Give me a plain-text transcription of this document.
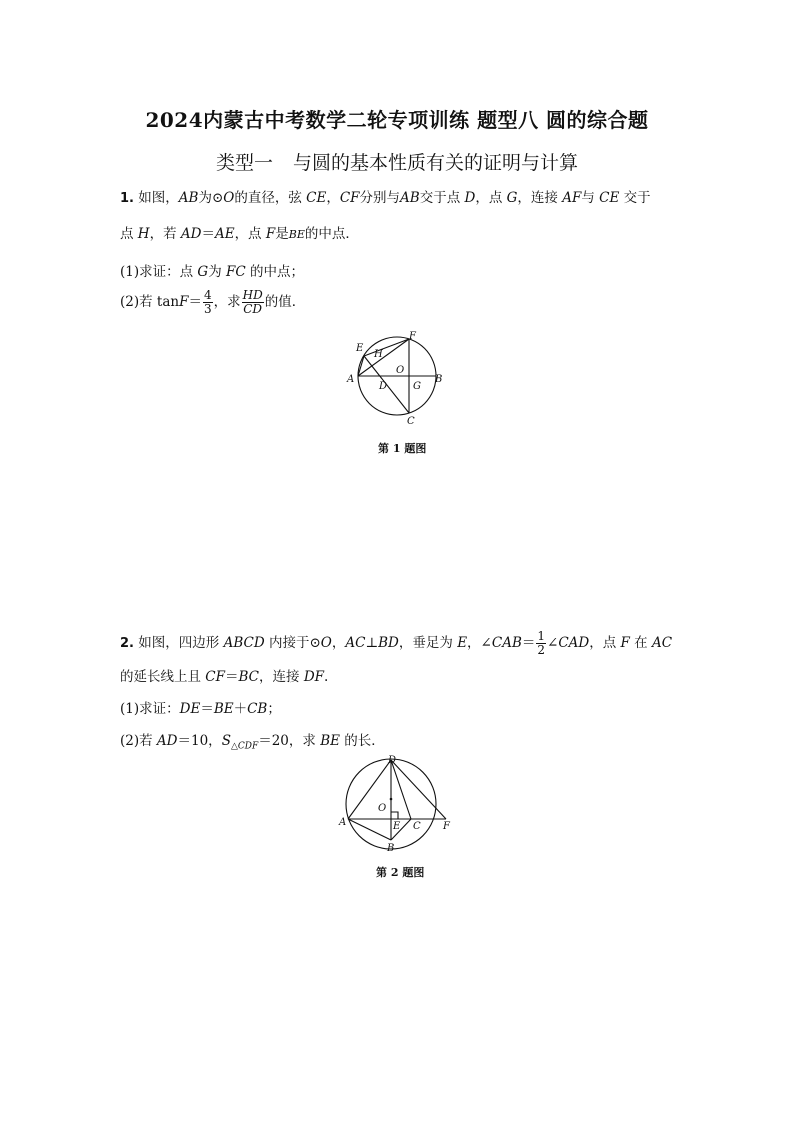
2024内蒙古中考数学二轮专项训练 题型八 圆的综合题
类型一 与圆的基本性质有关的证明与计算
1. 如图，AB为⊙O的直径，弦 CE，CF分别与AB交于点 D，点 G，连接 AF与 CE 交于
点 H，若 AD＝AE，点 F是BE的中点．
(1)求证：点 G为 FC 的中点；
(2)若 $\tan F= \frac{4}{3}$ ，求 $\frac{HD}{CD}$ 的值．
E
F
H
A
O
B
D	G
C
第 1 题图
2. 如图，四边形 ABCD 内接于⊙O，AC⊥BD，垂足为 E，∠CAB＝ $\frac{1}{2}$ ∠CAD，点 F 在 AC
的延长线上且 CF＝BC，连接 DF.
(1)求证：DE＝BE＋CB；
(2)若 AD＝10，$S_{\triangle CDF}=20$，求 BE 的长．
D
O
A	E C F
B
第 2 题图
